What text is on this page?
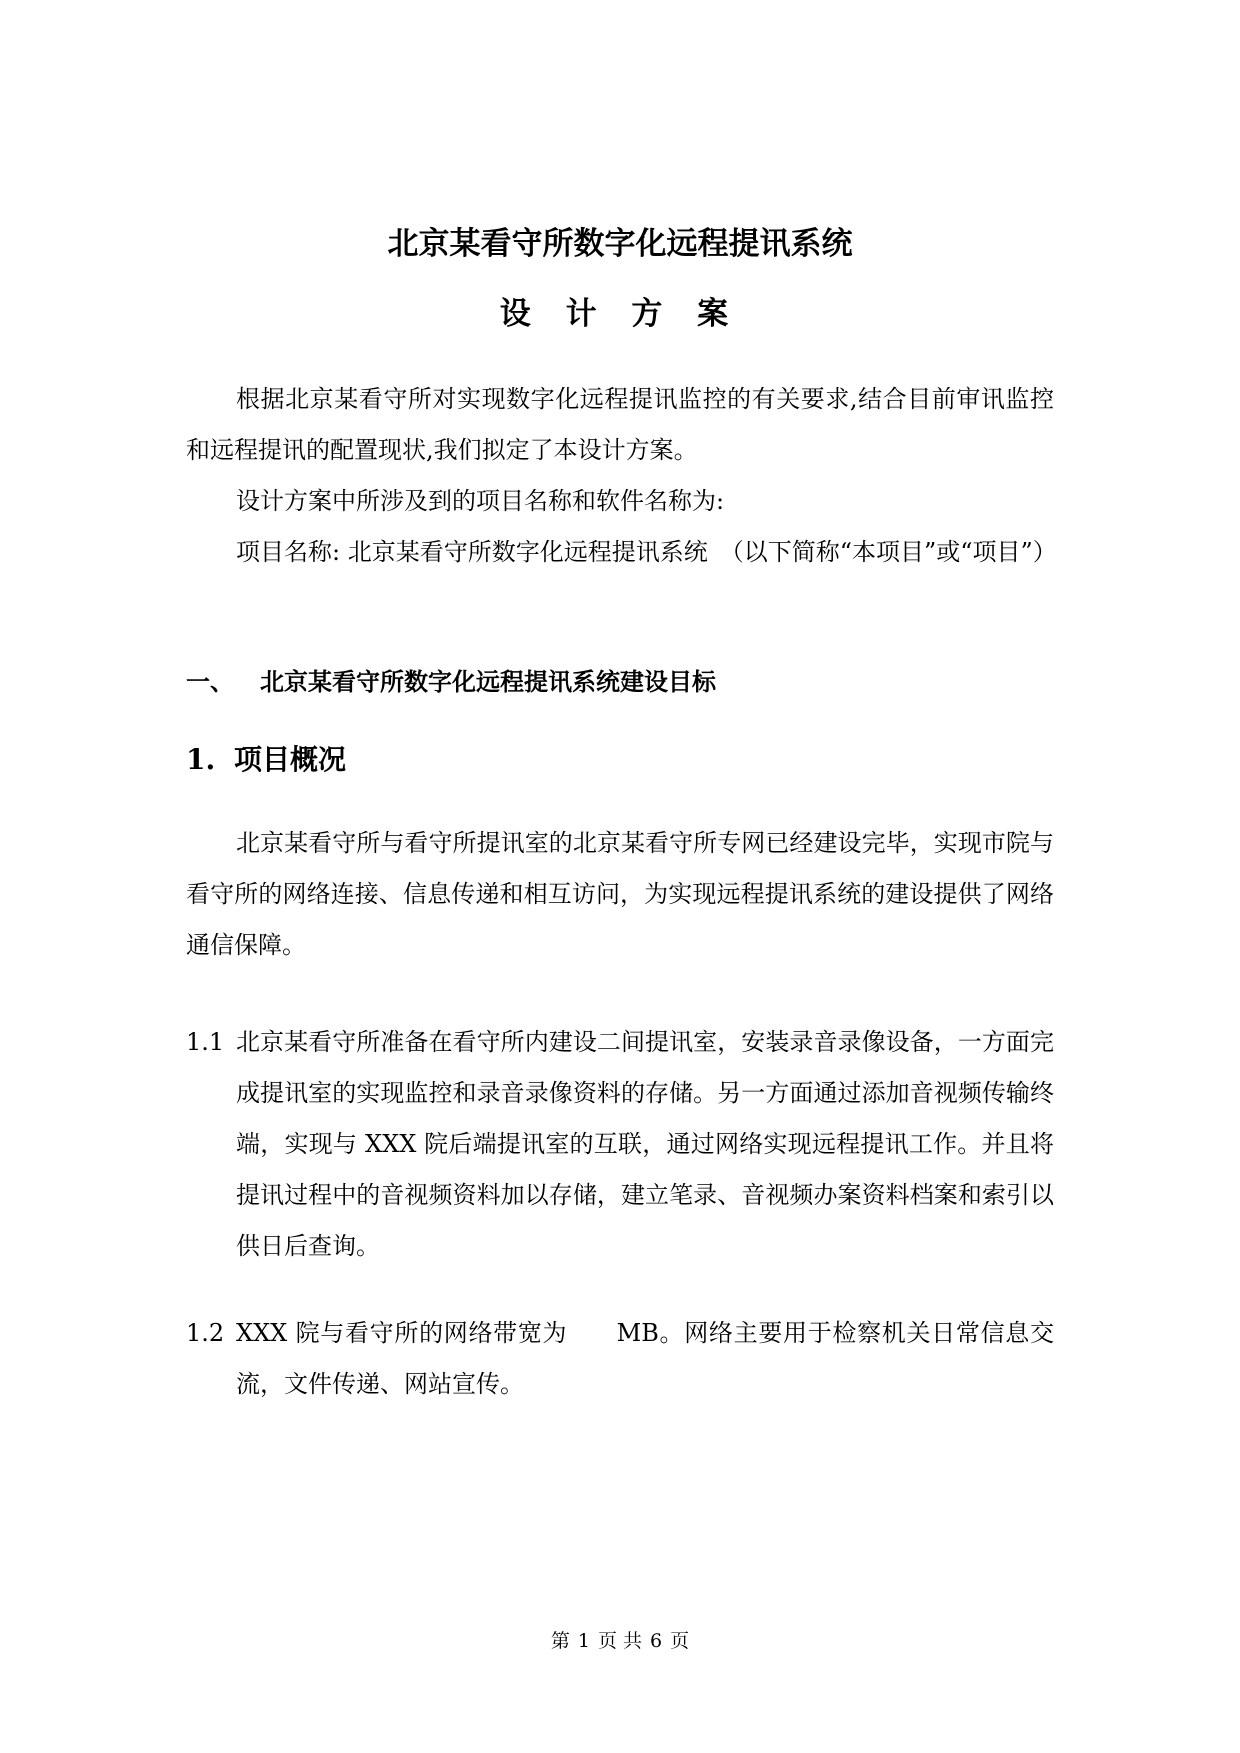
北京某看守所数字化远程提讯系统
设 计 方 案
根据北京某看守所对实现数字化远程提讯监控的有关要求,结合目前审讯监控和远程提讯的配置现状,我们拟定了本设计方案。
设计方案中所涉及到的项目名称和软件名称为:
项目名称: 北京某看守所数字化远程提讯系统　（以下简称“本项目”或“项目”）
一、 北京某看守所数字化远程提讯系统建设目标
1. 项目概况
北京某看守所与看守所提讯室的北京某看守所专网已经建设完毕，实现市院与看守所的网络连接、信息传递和相互访问，为实现远程提讯系统的建设提供了网络通信保障。
1.1 北京某看守所准备在看守所内建设二间提讯室，安装录音录像设备，一方面完成提讯室的实现监控和录音录像资料的存储。另一方面通过添加音视频传输终端，实现与 XXX 院后端提讯室的互联，通过网络实现远程提讯工作。并且将提讯过程中的音视频资料加以存储，建立笔录、音视频办案资料档案和索引以供日后查询。
1.2 XXX 院与看守所的网络带宽为　　MB。网络主要用于检察机关日常信息交流，文件传递、网站宣传。
第 1 页 共 6 页
